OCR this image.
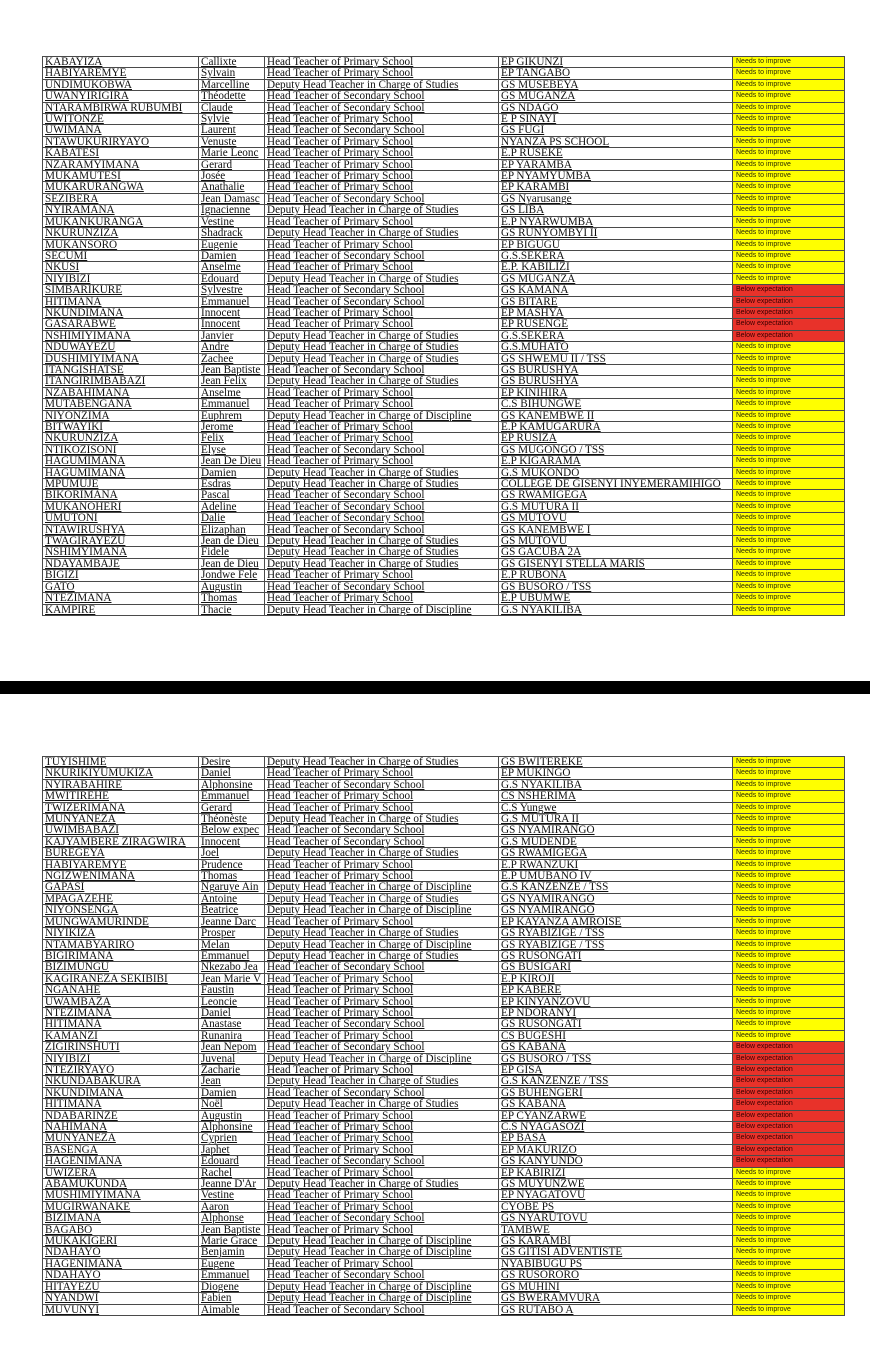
KABAYIZA	Callixte	Head Teacher of Primary School	EP GIKUNZI	Needs to improve
HABIYAREMYE	Sylvain	Head Teacher of Primary School	EP TANGABO	Needs to improve
UNDIMUKOBWA	Marcelline	Deputy Head Teacher in Charge of Studies	GS MUSEBEYA	Needs to improve
UWANYIRIGIRA	Théodette	Head Teacher of Secondary School	GS MUGANZA	Needs to improve
NTARAMBIRWA RUBUMBI	Claude	Head Teacher of Secondary School	GS NDAGO	Needs to improve
UWITONZE	Sylvie	Head Teacher of Primary School	E P SINAYI	Needs to improve
UWIMANA	Laurent	Head Teacher of Secondary School	GS FUGI	Needs to improve
NTAWUKURIRYAYO	Venuste	Head Teacher of Primary School	NYANZA PS SCHOOL	Needs to improve
KABATESI	Marie Leonc	Head Teacher of Primary School	E.P RUSEKE	Needs to improve
NZARAMYIMANA	Gerard	Head Teacher of Primary School	EP YARAMBA	Needs to improve
MUKAMUTESI	Josée	Head Teacher of Primary School	EP NYAMYUMBA	Needs to improve
MUKARURANGWA	Anathalie	Head Teacher of Primary School	EP KARAMBI	Needs to improve
SEZIBERA	Jean Damasc	Head Teacher of Secondary School	GS Nyarusange	Needs to improve
NYIRAMANA	Ignacienne	Deputy Head Teacher in Charge of Studies	GS LIBA	Needs to improve
MUKANKURANGA	Vestine	Head Teacher of Primary School	E.P NYARWUMBA	Needs to improve
NKURUNZIZA	Shadrack	Deputy Head Teacher in Charge of Studies	GS RUNYOMBYI II	Needs to improve
MUKANSORO	Eugenie	Head Teacher of Primary School	EP BIGUGU	Needs to improve
SECUMI	Damien	Head Teacher of Secondary School	G.S.SEKERA	Needs to improve
NKUSI	Anselme	Head Teacher of Primary School	E.P. KABILIZI	Needs to improve
NIYIBIZI	Edouard	Deputy Head Teacher in Charge of Studies	GS MUGANZA	Needs to improve
SIMBARIKURE	Sylvestre	Head Teacher of Secondary School	GS KAMANA	Below expectation
HITIMANA	Emmanuel	Head Teacher of Secondary School	GS BITARE	Below expectation
NKUNDIMANA	Innocent	Head Teacher of Primary School	EP MASHYA	Below expectation
GASARABWE	Innocent	Head Teacher of Primary School	EP RUSENGE	Below expectation
NSHIMIYIMANA	Janvier	Deputy Head Teacher in Charge of Studies	G.S.SEKERA	Below expectation
NDUWAYEZU	Andre	Deputy Head Teacher in Charge of Studies	G.S.MUHATO	Needs to improve
DUSHIMIYIMANA	Zachee	Deputy Head Teacher in Charge of Studies	GS SHWEMU II / TSS	Needs to improve
ITANGISHATSE	Jean Baptiste	Head Teacher of Secondary School	GS BURUSHYA	Needs to improve
ITANGIRIMBABAZI	Jean Felix	Deputy Head Teacher in Charge of Studies	GS BURUSHYA	Needs to improve
NZABAHIMANA	Anselme	Head Teacher of Primary School	EP KINIHIRA	Needs to improve
MUTABENGANA	Emmanuel	Head Teacher of Primary School	C.S BIHUNGWE	Needs to improve
NIYONZIMA	Euphrem	Deputy Head Teacher in Charge of Discipline	GS KANEMBWE II	Needs to improve
BITWAYIKI	Jerome	Head Teacher of Primary School	E.P KAMUGARURA	Needs to improve
NKURUNZIZA	Felix	Head Teacher of Primary School	EP RUSIZA	Needs to improve
NTIKOZISONI	Elyse	Head Teacher of Secondary School	GS MUGONGO / TSS	Needs to improve
HAGUMIMANA	Jean De Dieu	Head Teacher of Primary School	E.P KIGARAMA	Needs to improve
HAGUMIMANA	Damien	Deputy Head Teacher in Charge of Studies	G.S MUKONDO	Needs to improve
MPUMUJE	Esdras	Deputy Head Teacher in Charge of Studies	COLLEGE DE GISENYI INYEMERAMIHIGO	Needs to improve
BIKORIMANA	Pascal	Head Teacher of Secondary School	GS RWAMIGEGA	Needs to improve
MUKANOHERI	Adeline	Head Teacher of Secondary School	G.S MUTURA II	Needs to improve
UMUTONI	Dalie	Head Teacher of Secondary School	GS MUTOVU	Needs to improve
NTAWIRUSHYA	Elizaphan	Head Teacher of Secondary School	GS KANEMBWE I	Needs to improve
TWAGIRAYEZU	Jean de Dieu	Deputy Head Teacher in Charge of Studies	GS MUTOVU	Needs to improve
NSHIMYIMANA	Fidele	Deputy Head Teacher in Charge of Studies	GS GACUBA 2A	Needs to improve
NDAYAMBAJE	Jean de Dieu	Deputy Head Teacher in Charge of Studies	GS GISENYI STELLA MARIS	Needs to improve
BIGIZI	Jondwe Fele	Head Teacher of Primary School	E.P RUBONA	Needs to improve
GATO	Augustin	Head Teacher of Secondary School	GS BUSORO / TSS	Needs to improve
NTEZIMANA	Thomas	Head Teacher of Primary School	E.P UBUMWE	Needs to improve
KAMPIRE	Thacie	Deputy Head Teacher in Charge of Discipline	G.S NYAKILIBA	Needs to improve
TUYISHIME	Desire	Deputy Head Teacher in Charge of Studies	GS BWITEREKE	Needs to improve
NKURIKIYUMUKIZA	Daniel	Head Teacher of Primary School	EP MUKINGO	Needs to improve
NYIRABAHIRE	Alphonsine	Head Teacher of Secondary School	G.S NYAKILIBA	Needs to improve
MWITIREHE	Emmanuel	Head Teacher of Primary School	CS NSHERIMA	Needs to improve
TWIZERIMANA	Gerard	Head Teacher of Primary School	C.S Yungwe	Needs to improve
MUNYANEZA	Théonèste	Deputy Head Teacher in Charge of Studies	G.S MUTURA II	Needs to improve
UWIMBABAZI	Below expec	Head Teacher of Secondary School	GS NYAMIRANGO	Needs to improve
KAJYAMBERE ZIRAGWIRA	Innocent	Head Teacher of Secondary School	G.S MUDENDE	Needs to improve
BUREGEYA	Joel	Deputy Head Teacher in Charge of Studies	GS RWAMIGEGA	Needs to improve
HABIYAREMYE	Prudence	Head Teacher of Primary School	E.P RWANZUKI	Needs to improve
NGIZWENIMANA	Thomas	Head Teacher of Primary School	E.P UMUBANO IV	Needs to improve
GAPASI	Ngaruye Ain	Deputy Head Teacher in Charge of Discipline	G.S KANZENZE / TSS	Needs to improve
MPAGAZEHE	Antoine	Deputy Head Teacher in Charge of Studies	GS NYAMIRANGO	Needs to improve
NIYONSENGA	Beatrice	Deputy Head Teacher in Charge of Discipline	GS NYAMIRANGO	Needs to improve
MUNGWAMURINDE	Jeanne Darc	Head Teacher of Primary School	EP KAYANZA AMROISE	Needs to improve
NIYIKIZA	Prosper	Deputy Head Teacher in Charge of Studies	GS RYABIZIGE / TSS	Needs to improve
NTAMABYARIRO	Melan	Deputy Head Teacher in Charge of Discipline	GS RYABIZIGE / TSS	Needs to improve
BIGIRIMANA	Emmanuel	Deputy Head Teacher in Charge of Studies	GS RUSONGATI	Needs to improve
BIZIMUNGU	Nkezabo Jea	Head Teacher of Secondary School	GS BUSIGARI	Needs to improve
KAGIRANEZA SEKIBIBI	Jean Marie V	Head Teacher of Primary School	E.P KIROJI	Needs to improve
NGANAHE	Faustin	Head Teacher of Primary School	EP KABERE	Needs to improve
UWAMBAZA	Leoncie	Head Teacher of Primary School	EP KINYANZOVU	Needs to improve
NTEZIMANA	Daniel	Head Teacher of Primary School	EP NDORANYI	Needs to improve
HITIMANA	Anastase	Head Teacher of Secondary School	GS RUSONGATI	Needs to improve
KAMANZI	Runanira	Head Teacher of Primary School	CS BUGESHI	Needs to improve
ZIGIRINSHUTI	Jean Nepom	Head Teacher of Secondary School	GS KABANA	Below expectation
NIYIBIZI	Juvenal	Deputy Head Teacher in Charge of Discipline	GS BUSORO / TSS	Below expectation
NTEZIRYAYO	Zacharie	Head Teacher of Primary School	EP GISA	Below expectation
NKUNDABAKURA	Jean	Deputy Head Teacher in Charge of Studies	G.S KANZENZE / TSS	Below expectation
NKUNDIMANA	Damien	Head Teacher of Secondary School	GS BUHENGERI	Below expectation
HITIMANA	Noël	Deputy Head Teacher in Charge of Studies	GS KABANA	Below expectation
NDABARINZE	Augustin	Head Teacher of Primary School	EP CYANZARWE	Below expectation
NAHIMANA	Alphonsine	Head Teacher of Primary School	C.S NYAGASOZI	Below expectation
MUNYANEZA	Cyprien	Head Teacher of Primary School	EP BASA	Below expectation
BASENGA	Japhet	Head Teacher of Primary School	EP MAKURIZO	Below expectation
HAGENIMANA	Edouard	Head Teacher of Secondary School	GS KANYUNDO	Below expectation
UWIZERA	Rachel	Head Teacher of Primary School	EP KABIRIZI	Needs to improve
ABAMUKUNDA	Jeanne D'Ar	Deputy Head Teacher in Charge of Studies	GS MUYUNZWE	Needs to improve
MUSHIMIYIMANA	Vestine	Head Teacher of Primary School	EP NYAGATOVU	Needs to improve
MUGIRWANAKE	Aaron	Head Teacher of Primary School	CYOBE PS	Needs to improve
BIZIMANA	Alphonse	Head Teacher of Secondary School	GS NYARUTOVU	Needs to improve
BAGABO	Jean Baptiste	Head Teacher of Primary School	TAMBWE	Needs to improve
MUKAKIGERI	Marie Grace	Deputy Head Teacher in Charge of Discipline	GS KARAMBI	Needs to improve
NDAHAYO	Benjamin	Deputy Head Teacher in Charge of Discipline	GS GITISI ADVENTISTE	Needs to improve
HAGENIMANA	Eugene	Head Teacher of Primary School	NYABIBUGU PS	Needs to improve
NDAHAYO	Emmanuel	Head Teacher of Secondary School	GS RUSORORO	Needs to improve
HITAYEZU	Diogene	Deputy Head Teacher in Charge of Discipline	GS MUHINI	Needs to improve
NYANDWI	Fabien	Deputy Head Teacher in Charge of Discipline	GS BWERAMVURA	Needs to improve
MUVUNYI	Aimable	Head Teacher of Secondary School	GS RUTABO A	Needs to improve
